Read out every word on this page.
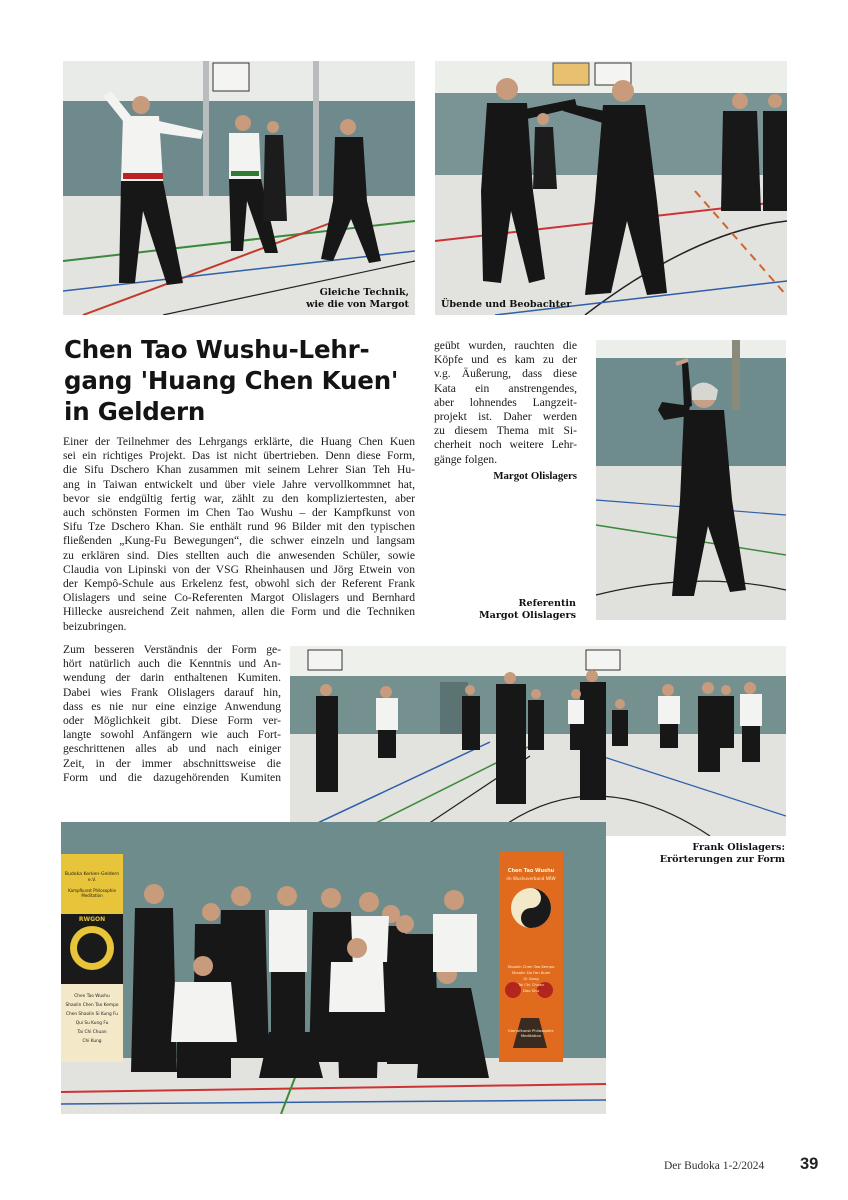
Gleiche Technik,
wie die von Margot	Übende und Beobachter
Chen Tao Wushu-Lehr-
gang 'Huang Chen Kuen'
in Geldern
Einer der Teilnehmer des Lehrgangs erklärte, die Huang Chen Kuen
sei ein richtiges Projekt. Das ist nicht übertrieben. Denn diese Form,
die Sifu Dschero Khan zusammen mit seinem Lehrer Sian Teh Hu-
ang in Taiwan entwickelt und über viele Jahre vervollkommnet hat,
bevor sie endgültig fertig war, zählt zu den kompliziertesten, aber
auch schönsten Formen im Chen Tao Wushu – der Kampfkunst von
Sifu Tze Dschero Khan. Sie enthält rund 96 Bilder mit den typischen
fließenden „Kung-Fu Bewegungen“, die schwer einzeln und langsam
zu erklären sind. Dies stellten auch die anwesenden Schüler, sowie
Claudia von Lipinski von der VSG Rheinhausen und Jörg Etwein von
der Kempô-Schule aus Erkelenz fest, obwohl sich der Referent Frank
Olislagers und seine Co-Referenten Margot Olislagers und Bernhard
Hillecke ausreichend Zeit nahmen, allen die Form und die Techniken
beizubringen.
Zum besseren Verständnis der Form ge-
hört natürlich auch die Kenntnis und An-
wendung der darin enthaltenen Kumiten.
Dabei wies Frank Olislagers darauf hin,
dass es nie nur eine einzige Anwendung
oder Möglichkeit gibt. Diese Form ver-
langte sowohl Anfängern wie auch Fort-
geschrittenen alles ab und nach einiger
Zeit, in der immer abschnittsweise die
Form und die dazugehörenden Kumiten
geübt wurden, rauchten die
Köpfe und es kam zu der
v.g. Äußerung, dass diese
Kata ein anstrengendes,
aber lohnendes Langzeit-
projekt ist. Daher werden
zu diesem Thema mit Si-
cherheit noch weitere Lehr-
gänge folgen.
Margot Olislagers
Referentin
Margot Olislagers
Frank Olislagers:
Erörterungen zur Form
Budoka Kerken-Geldern e.V.
Kampfkunst Philosophie Meditation
RWGON
Chen Tao Wushu
Shaolin Chen Tao Kempo
Chen Shaolin Si Kung Fu
Qui Su Kung Fu
Tai Chi Chuan
Chi Kung
Chen Tao Wushu
im Wushuverband NRW
Shaolin Chen Tao Kempo
Shaolin Da Fan Kuen
Qi Gong
Tai Chi Chuan
Dao Shu
Kampfkunst Philosophie Meditation
Der Budoka 1-2/2024 39
